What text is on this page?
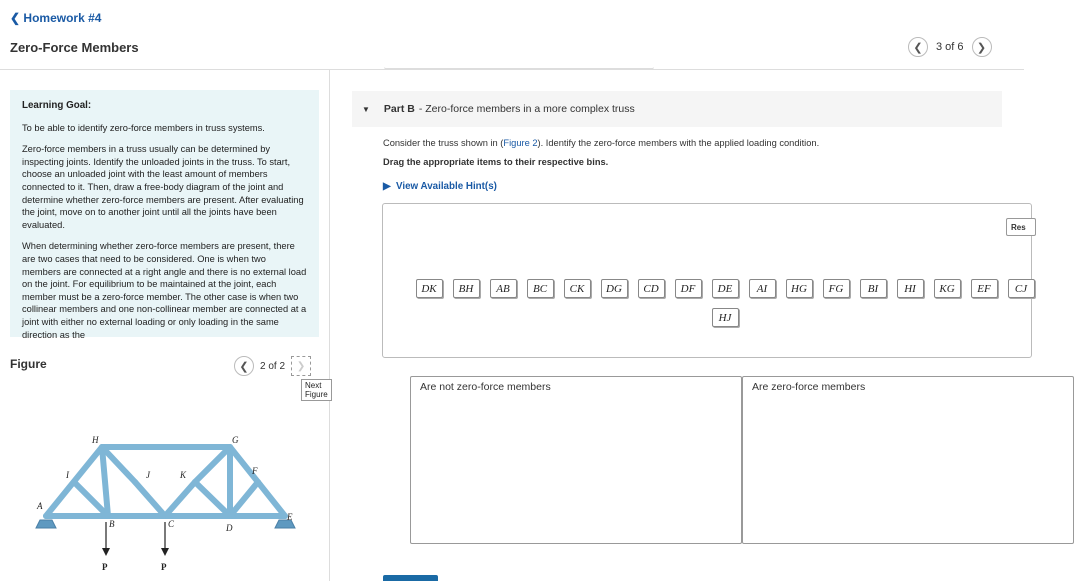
❮ Homework #4
Zero-Force Members	❮ 3 of 6 ❯
Learning Goal:

To be able to identify zero-force members in truss systems.

Zero-force members in a truss usually can be determined by inspecting joints. Identify the unloaded joints in the truss. To start, choose an unloaded joint with the least amount of members connected to it. Then, draw a free-body diagram of the joint and determine whether zero-force members are present. After evaluating the joint, move on to another joint until all the joints have been evaluated.

When determining whether zero-force members are present, there are two cases that need to be considered. One is when two members are connected at a right angle and there is no external load on the joint. For equilibrium to be maintained at the joint, each member must be a zero-force member. The other case is when two collinear members and one non-collinear member are connected at a joint with either no external loading or only loading in the same direction as the

Figure	❮ 2 of 2 ❯
Next Figure
H	G
I	J	K	F
A
B	C	D
E
P	P
▼ Part B - Zero-force members in a more complex truss
Consider the truss shown in (Figure 2). Identify the zero-force members with the applied loading condition.
Drag the appropriate items to their respective bins.
▶ View Available Hint(s)
Res
DK	BH	AB	BC	CK	DG	CD	DF	DE	AI	HG	FG	BI	HI	KG	EF	CJ
HJ
Are not zero-force members	Are zero-force members
